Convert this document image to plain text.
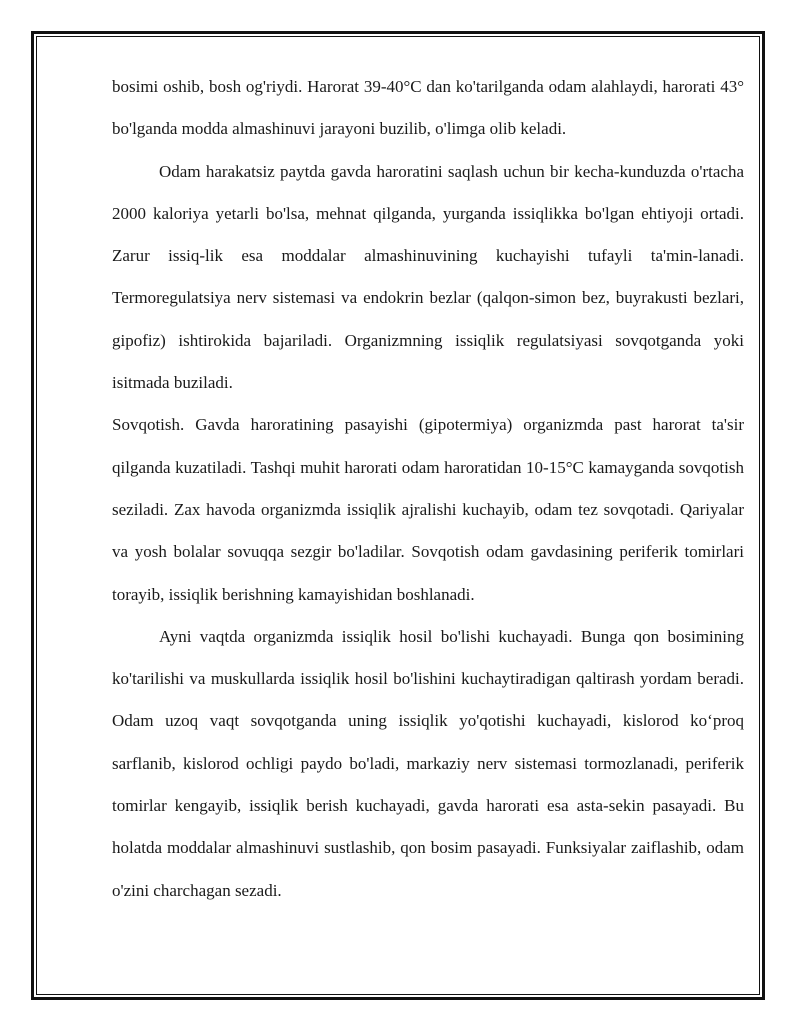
bosimi oshib, bosh og'riydi. Harorat 39-40°C dan ko'tarilganda odam alahlaydi, harorati 43° bo'lganda modda almashinuvi jarayoni buzilib, o'limga olib keladi.

Odam harakatsiz paytda gavda haroratini saqlash uchun bir kecha-kunduzda o'rtacha 2000 kaloriya yetarli bo'lsa, mehnat qilganda, yurganda issiqlikka bo'lgan ehtiyoji ortadi. Zarur issiq-lik esa moddalar almashinuvining kuchayishi tufayli ta'min-lanadi. Termoregulatsiya nerv sistemasi va endokrin bezlar (qalqon-simon bez, buyrakusti bezlari, gipofiz) ishtirokida bajariladi. Organizmning issiqlik regulatsiyasi sovqotganda yoki isitmada buziladi.

Sovqotish. Gavda haroratining pasayishi (gipotermiya) organizmda past harorat ta'sir qilganda kuzatiladi. Tashqi muhit harorati odam haroratidan 10-15°C kamayganda sovqotish seziladi. Zax havoda organizmda issiqlik ajralishi kuchayib, odam tez sovqotadi. Qariyalar va yosh bolalar sovuqqa sezgir bo'ladilar. Sovqotish odam gavdasining periferik tomirlari torayib, issiqlik berishning kamayishidan boshlanadi.

Ayni vaqtda organizmda issiqlik hosil bo'lishi kuchayadi. Bunga qon bosimining ko'tarilishi va muskullarda issiqlik hosil bo'lishini kuchaytiradigan qaltirash yordam beradi. Odam uzoq vaqt sovqotganda uning issiqlik yo'qotishi kuchayadi, kislorod ko‘proq sarflanib, kislorod ochligi paydo bo'ladi, markaziy nerv sistemasi tormozlanadi, periferik tomirlar kengayib, issiqlik berish kuchayadi, gavda harorati esa asta-sekin pasayadi. Bu holatda moddalar almashinuvi sustlashib, qon bosim pasayadi. Funksiyalar zaiflashib, odam o'zini charchagan sezadi.
